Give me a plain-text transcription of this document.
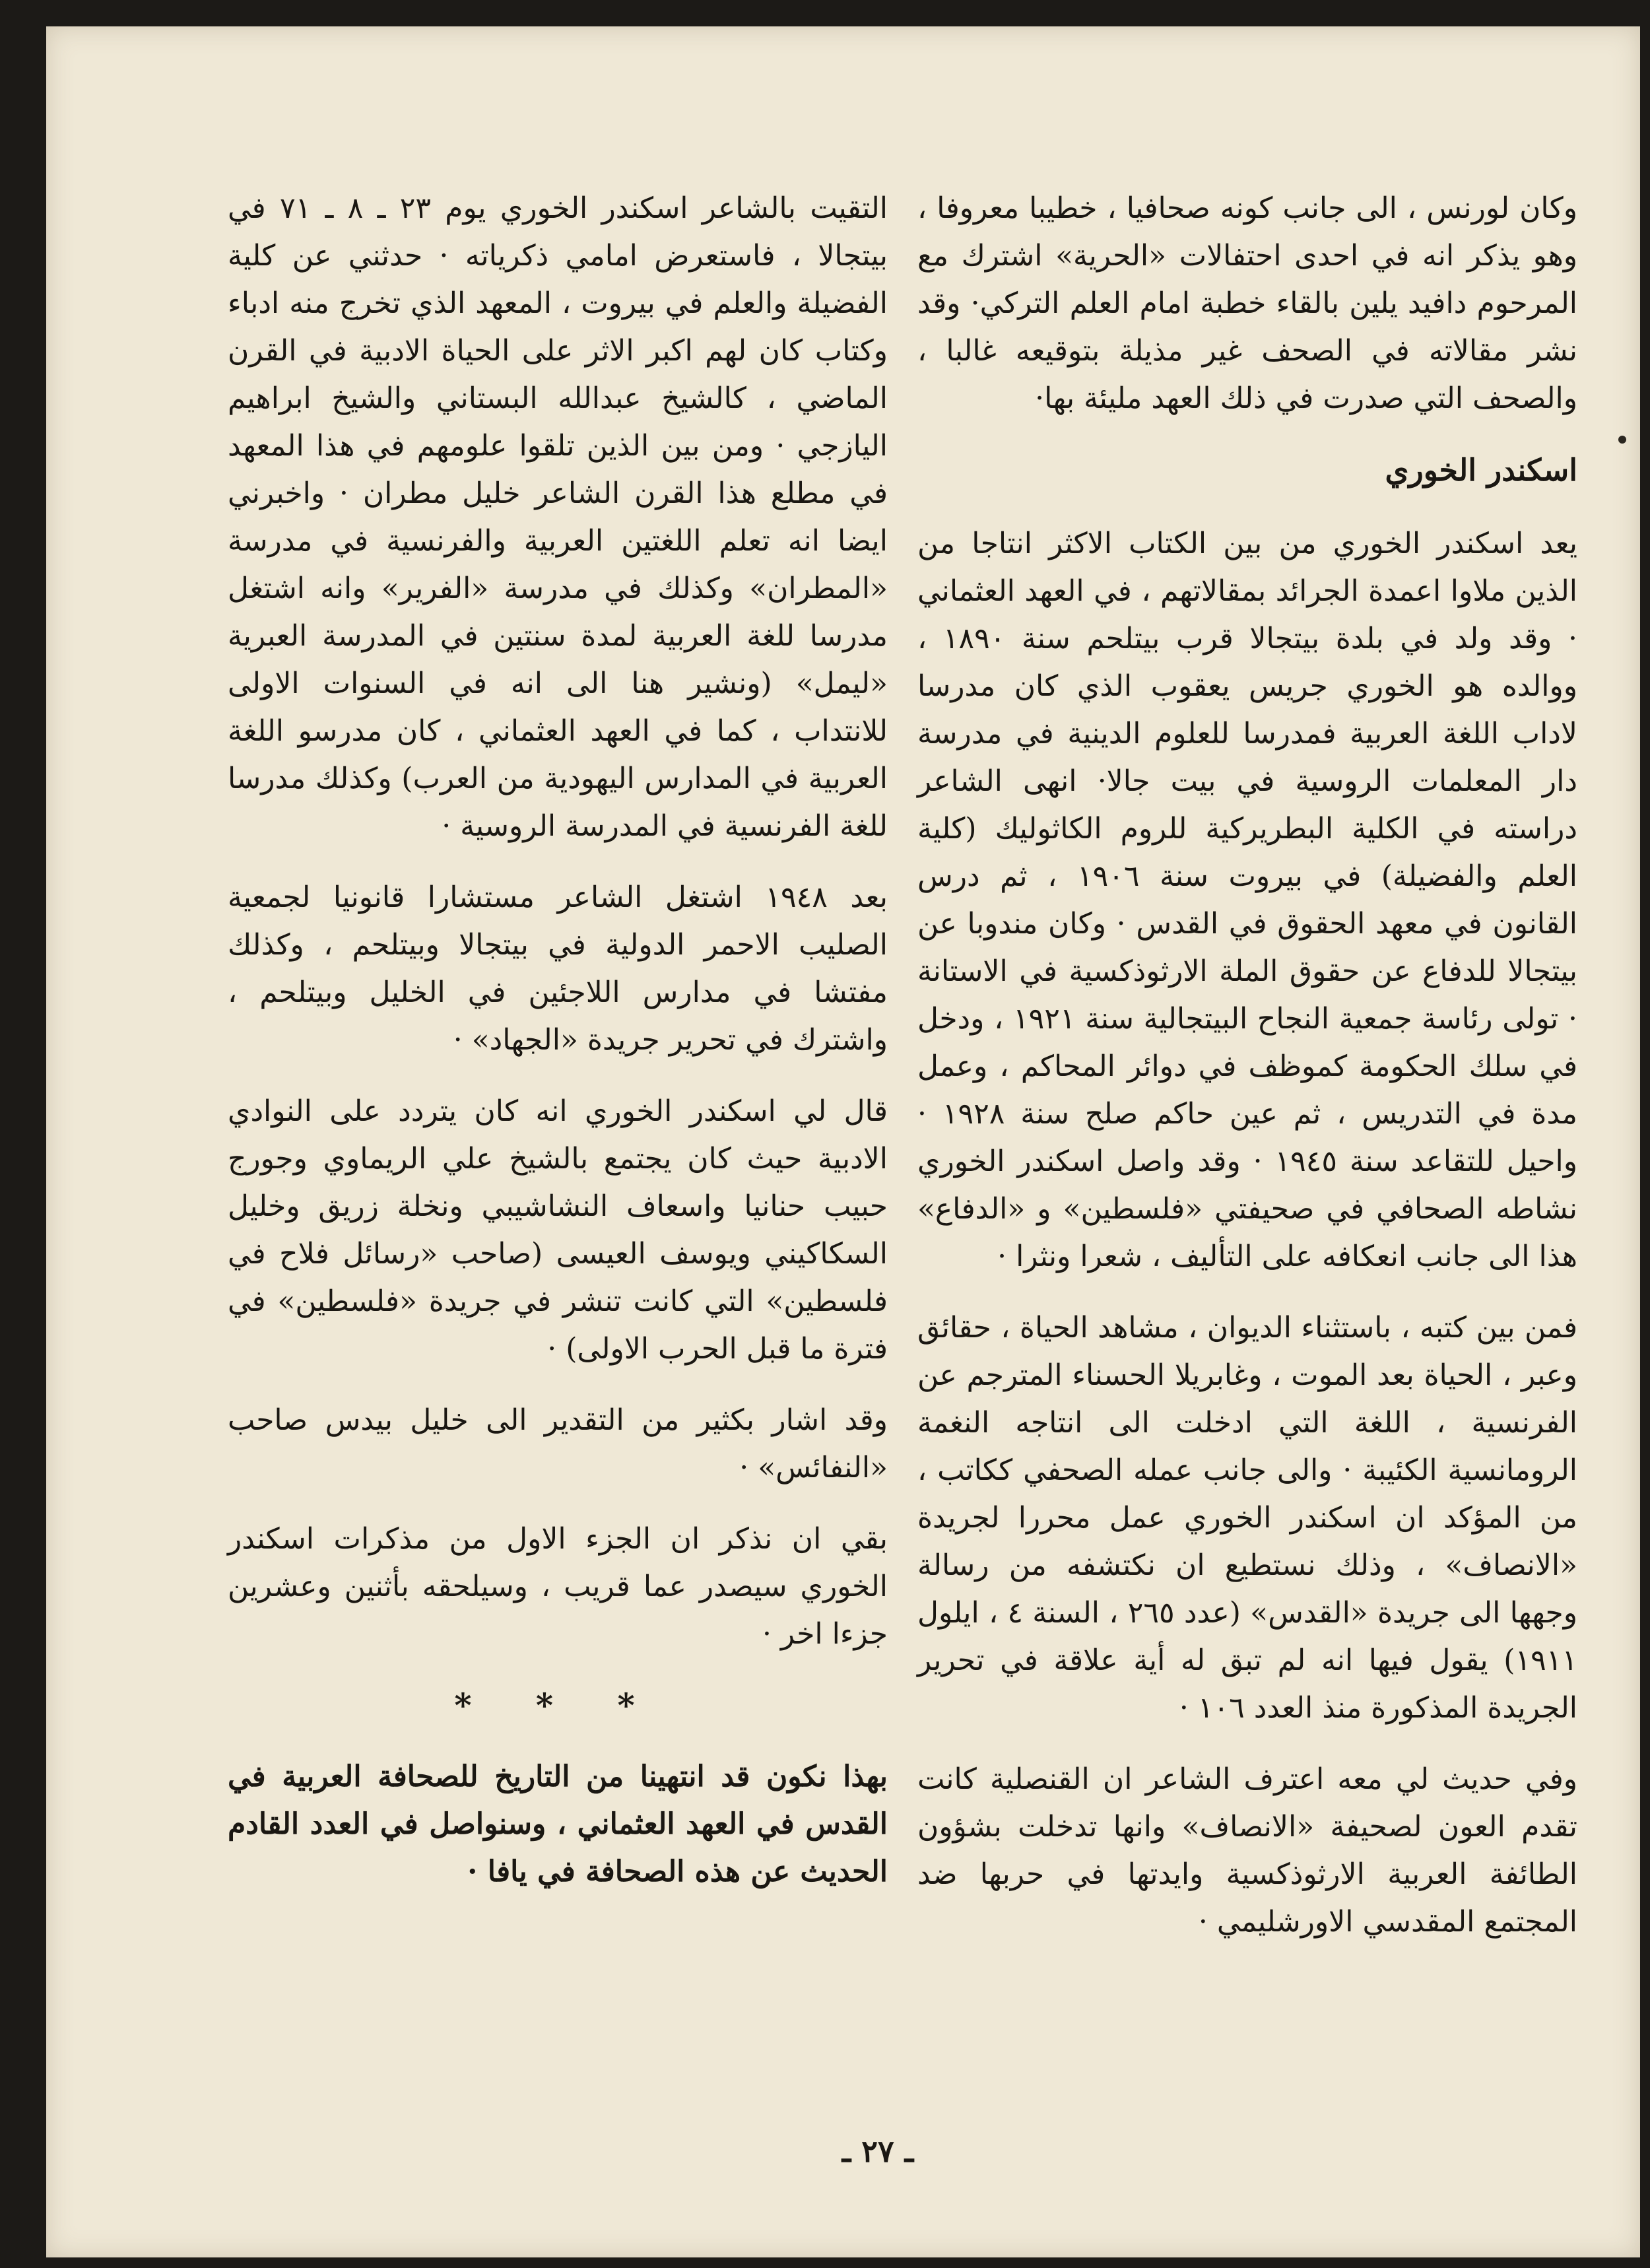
وكان لورنس ، الى جانب كونه صحافيا ، خطيبا معروفا ، وهو يذكر انه في احدى احتفالات «الحرية» اشترك مع المرحوم دافيد يلين بالقاء خطبة امام العلم التركي· وقد نشر مقالاته في الصحف غير مذيلة بتوقيعه غالبا ، والصحف التي صدرت في ذلك العهد مليئة بها·

اسكندر الخوري

يعد اسكندر الخوري من بين الكتاب الاكثر انتاجا من الذين ملاوا اعمدة الجرائد بمقالاتهم ، في العهد العثماني · وقد ولد في بلدة بيتجالا قرب بيتلحم سنة ١٨٩٠ ، ووالده هو الخوري جريس يعقوب الذي كان مدرسا لاداب اللغة العربية فمدرسا للعلوم الدينية في مدرسة دار المعلمات الروسية في بيت جالا· انهى الشاعر دراسته في الكلية البطريركية للروم الكاثوليك (كلية العلم والفضيلة) في بيروت سنة ١٩٠٦ ، ثم درس القانون في معهد الحقوق في القدس · وكان مندوبا عن بيتجالا للدفاع عن حقوق الملة الارثوذكسية في الاستانة · تولى رئاسة جمعية النجاح البيتجالية سنة ١٩٢١ ، ودخل في سلك الحكومة كموظف في دوائر المحاكم ، وعمل مدة في التدريس ، ثم عين حاكم صلح سنة ١٩٢٨ · واحيل للتقاعد سنة ١٩٤٥ · وقد واصل اسكندر الخوري نشاطه الصحافي في صحيفتي «فلسطين» و «الدفاع» هذا الى جانب انعكافه على التأليف ، شعرا ونثرا ·

فمن بين كتبه ، باستثناء الديوان ، مشاهد الحياة ، حقائق وعبر ، الحياة بعد الموت ، وغابريلا الحسناء المترجم عن الفرنسية ، اللغة التي ادخلت الى انتاجه النغمة الرومانسية الكئيبة · والى جانب عمله الصحفي ككاتب ، من المؤكد ان اسكندر الخوري عمل محررا لجريدة «الانصاف» ، وذلك نستطيع ان نكتشفه من رسالة وجهها الى جريدة «القدس» (عدد ٢٦٥ ، السنة ٤ ، ايلول ١٩١١) يقول فيها انه لم تبق له أية علاقة في تحرير الجريدة المذكورة منذ العدد ١٠٦ ·

وفي حديث لي معه اعترف الشاعر ان القنصلية كانت تقدم العون لصحيفة «الانصاف» وانها تدخلت بشؤون الطائفة العربية الارثوذكسية وايدتها في حربها ضد المجتمع المقدسي الاورشليمي ·

التقيت بالشاعر اسكندر الخوري يوم ٢٣ ـ ٨ ـ ٧١ في بيتجالا ، فاستعرض امامي ذكرياته · حدثني عن كلية الفضيلة والعلم في بيروت ، المعهد الذي تخرج منه ادباء وكتاب كان لهم اكبر الاثر على الحياة الادبية في القرن الماضي ، كالشيخ عبدالله البستاني والشيخ ابراهيم اليازجي · ومن بين الذين تلقوا علومهم في هذا المعهد في مطلع هذا القرن الشاعر خليل مطران · واخبرني ايضا انه تعلم اللغتين العربية والفرنسية في مدرسة «المطران» وكذلك في مدرسة «الفرير» وانه اشتغل مدرسا للغة العربية لمدة سنتين في المدرسة العبرية «ليمل» (ونشير هنا الى انه في السنوات الاولى للانتداب ، كما في العهد العثماني ، كان مدرسو اللغة العربية في المدارس اليهودية من العرب) وكذلك مدرسا للغة الفرنسية في المدرسة الروسية ·

بعد ١٩٤٨ اشتغل الشاعر مستشارا قانونيا لجمعية الصليب الاحمر الدولية في بيتجالا وبيتلحم ، وكذلك مفتشا في مدارس اللاجئين في الخليل وبيتلحم ، واشترك في تحرير جريدة «الجهاد» ·

قال لي اسكندر الخوري انه كان يتردد على النوادي الادبية حيث كان يجتمع بالشيخ علي الريماوي وجورج حبيب حنانيا واسعاف النشاشيبي ونخلة زريق وخليل السكاكيني ويوسف العيسى (صاحب «رسائل فلاح في فلسطين» التي كانت تنشر في جريدة «فلسطين» في فترة ما قبل الحرب الاولى) ·

وقد اشار بكثير من التقدير الى خليل بيدس صاحب «النفائس» ·

بقي ان نذكر ان الجزء الاول من مذكرات اسكندر الخوري سيصدر عما قريب ، وسيلحقه بأثنين وعشرين جزءا اخر ·

* * *

بهذا نكون قد انتهينا من التاريخ للصحافة العربية في القدس في العهد العثماني ، وسنواصل في العدد القادم الحديث عن هذه الصحافة في يافا ·

ـ ٢٧ ـ
